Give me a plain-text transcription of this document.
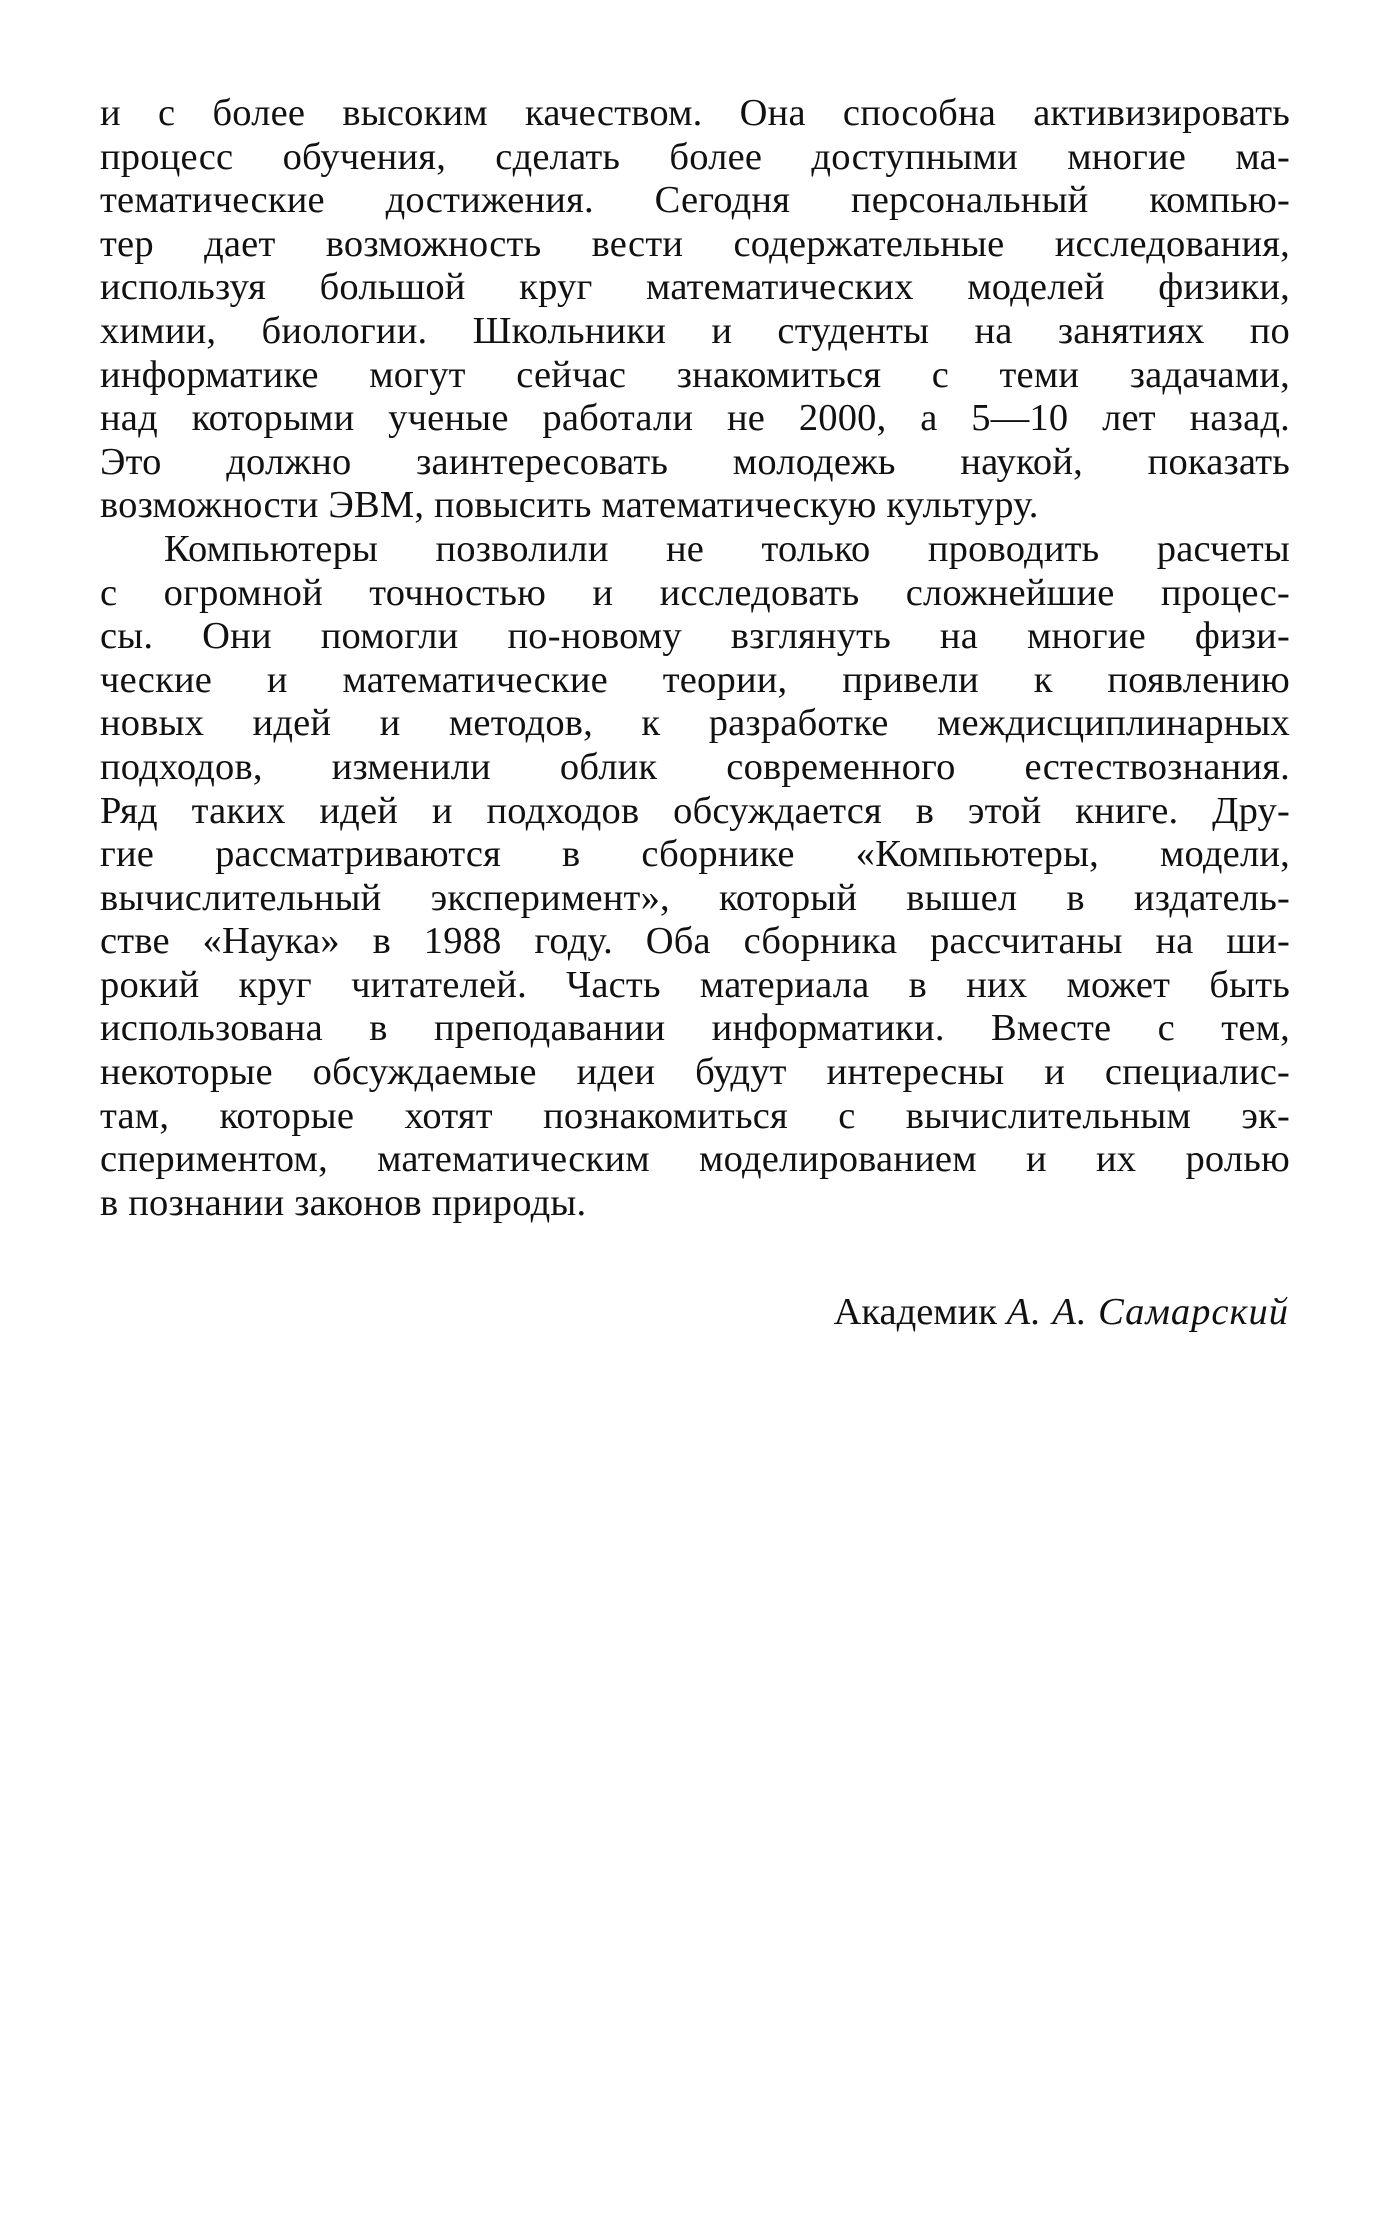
и с более высоким качеством. Она способна активизировать
процесс обучения, сделать более доступными многие ма-
тематические достижения. Сегодня персональный компью-
тер дает возможность вести содержательные исследования,
используя большой круг математических моделей физики,
химии, биологии. Школьники и студенты на занятиях по
информатике могут сейчас знакомиться с теми задачами,
над которыми ученые работали не 2000, а 5—10 лет назад.
Это должно заинтересовать молодежь наукой, показать
возможности ЭВМ, повысить математическую культуру.

Компьютеры позволили не только проводить расчеты
с огромной точностью и исследовать сложнейшие процес-
сы. Они помогли по-новому взглянуть на многие физи-
ческие и математические теории, привели к появлению
новых идей и методов, к разработке междисциплинарных
подходов, изменили облик современного естествознания.
Ряд таких идей и подходов обсуждается в этой книге. Дру-
гие рассматриваются в сборнике «Компьютеры, модели,
вычислительный эксперимент», который вышел в издатель-
стве «Наука» в 1988 году. Оба сборника рассчитаны на ши-
рокий круг читателей. Часть материала в них может быть
использована в преподавании информатики. Вместе с тем,
некоторые обсуждаемые идеи будут интересны и специалис-
там, которые хотят познакомиться с вычислительным эк-
спериментом, математическим моделированием и их ролью
в познании законов природы.

Академик А. А. Самарский
